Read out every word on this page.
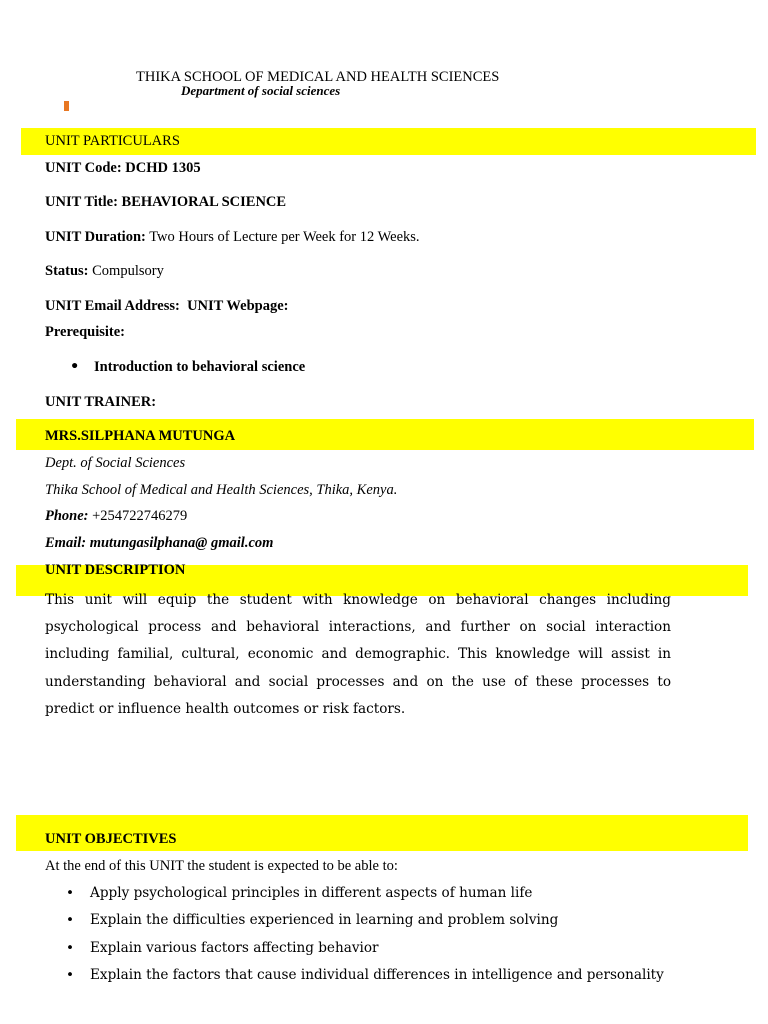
THIKA SCHOOL OF MEDICAL AND HEALTH SCIENCES
Department of social sciences
UNIT PARTICULARS
UNIT Code: DCHD 1305
UNIT Title: BEHAVIORAL SCIENCE
UNIT Duration: Two Hours of Lecture per Week for 12 Weeks.
Status: Compulsory
UNIT Email Address:  UNIT Webpage:
Prerequisite:
• Introduction to behavioral science
UNIT TRAINER:
MRS.SILPHANA MUTUNGA
Dept. of Social Sciences
Thika School of Medical and Health Sciences, Thika, Kenya.
Phone: +254722746279
Email: mutungasilphana@ gmail.com
UNIT DESCRIPTION
This unit will equip the student with knowledge on behavioral changes including psychological process and behavioral interactions, and further on social interaction including familial, cultural, economic and demographic. This knowledge will assist in understanding behavioral and social processes and on the use of these processes to predict or influence health outcomes or risk factors.
UNIT OBJECTIVES
At the end of this UNIT the student is expected to be able to:
• Apply psychological principles in different aspects of human life
• Explain the difficulties experienced in learning and problem solving
• Explain various factors affecting behavior
• Explain the factors that cause individual differences in intelligence and personality
